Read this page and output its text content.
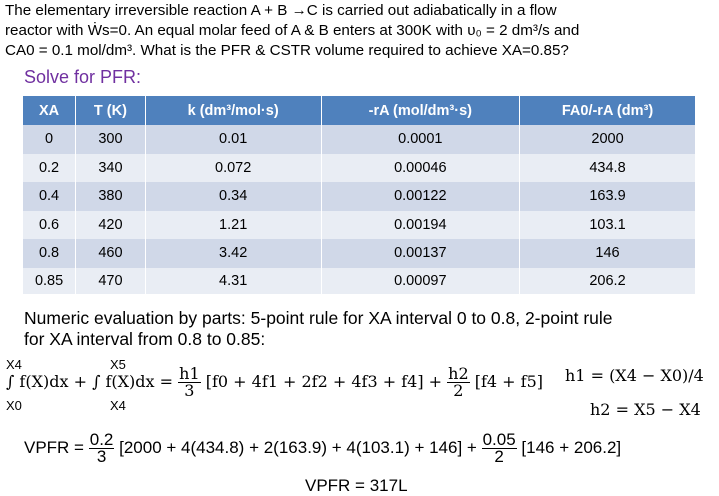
The elementary irreversible reaction A + B →C is carried out adiabatically in a flow

reactor with Ẇs=0. An equal molar feed of A & B enters at 300K with υ₀ = 2 dm³/s and

CA0 = 0.1 mol/dm³. What is the PFR & CSTR volume required to achieve XA=0.85?

Solve for PFR:
XA	T (K)	k (dm³/mol·s)	-rA (mol/dm³·s)	FA0/-rA (dm³)
0	300	0.01	0.0001	2000
0.2	340	0.072	0.00046	434.8
0.4	380	0.34	0.00122	163.9
0.6	420	1.21	0.00194	103.1
0.8	460	3.42	0.00137	146
0.85	470	4.31	0.00097	206.2

Numeric evaluation by parts: 5-point rule for XA interval 0 to 0.8, 2-point rule

for XA interval from 0.8 to 0.85:

X4
X0
X5
X4
∫ f(X)dx + ∫ $f(X)dx = \frac{h1}{3} [f0 + 4f1 + 2f2 + 4f3 + f4] + \frac{h2}{2} [f4 + f5] h1 = (X4 - X0)/4$
h2 = X5 − X4
VPFR = $\frac{0.2}{3} [2000 + 4(434.8) + 2(163.9) + 4(103.1) + 146] + \frac{0.05}{2} [146 + 206.2]$
VPFR = 317L
